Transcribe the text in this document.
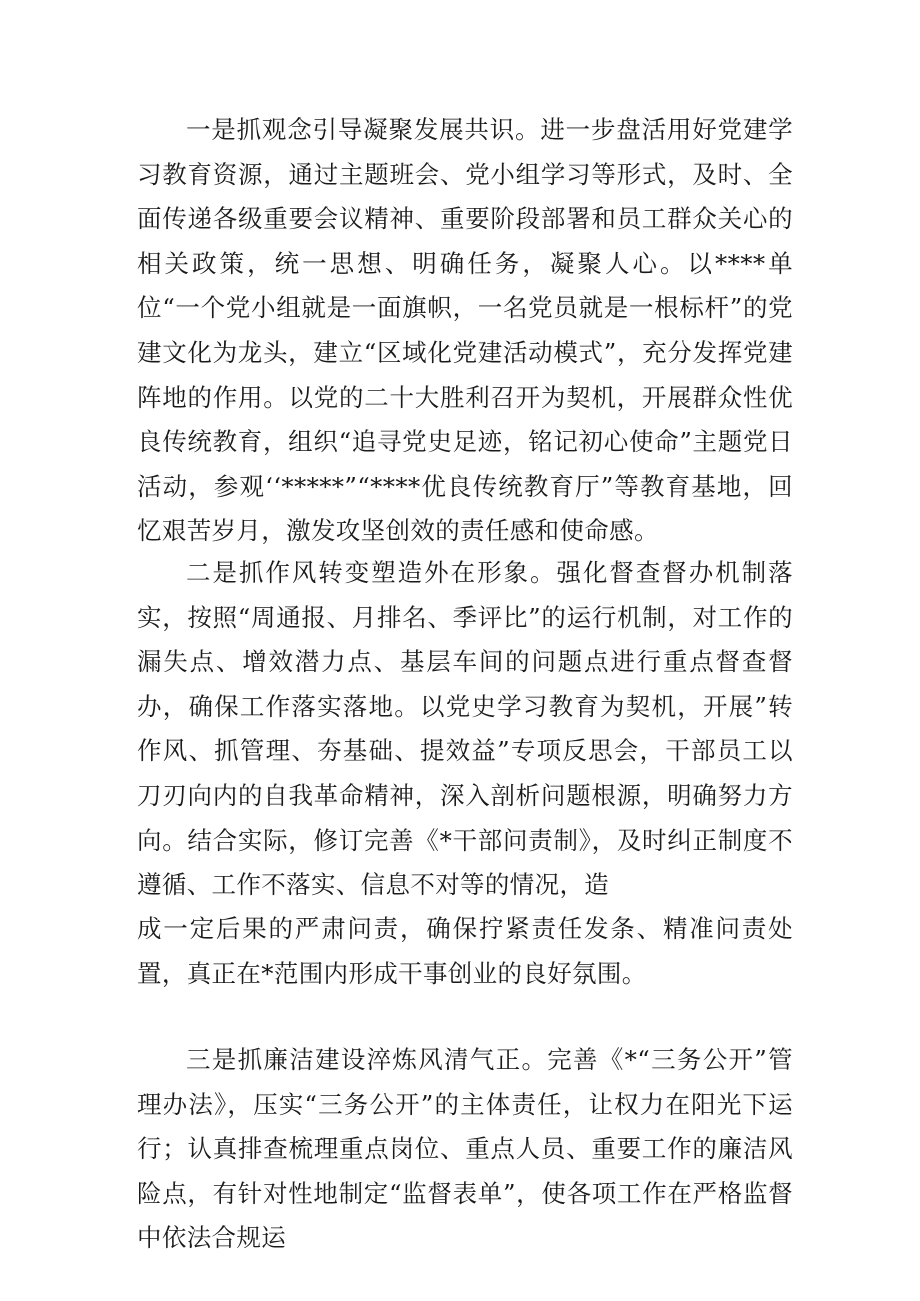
一是抓观念引导凝聚发展共识。进一步盘活用好党建学习教育资源，通过主题班会、党小组学习等形式，及时、全面传递各级重要会议精神、重要阶段部署和员工群众关心的相关政策，统一思想、明确任务，凝聚人心。以****单位“一个党小组就是一面旗帜，一名党员就是一根标杆”的党建文化为龙头，建立“区域化党建活动模式”，充分发挥党建阵地的作用。以党的二十大胜利召开为契机，开展群众性优良传统教育，组织“追寻党史足迹，铭记初心使命”主题党日活动，参观‘‘*****”“****优良传统教育厅”等教育基地，回忆艰苦岁月，激发攻坚创效的责任感和使命感。

二是抓作风转变塑造外在形象。强化督查督办机制落实，按照“周通报、月排名、季评比”的运行机制，对工作的漏失点、增效潜力点、基层车间的问题点进行重点督查督办，确保工作落实落地。以党史学习教育为契机，开展”转作风、抓管理、夯基础、提效益”专项反思会，干部员工以刀刃向内的自我革命精神，深入剖析问题根源，明确努力方向。结合实际，修订完善《*干部问责制》，及时纠正制度不遵循、工作不落实、信息不对等的情况，造

成一定后果的严肃问责，确保拧紧责任发条、精准问责处置，真正在*范围内形成干事创业的良好氛围。

三是抓廉洁建设淬炼风清气正。完善《*“三务公开”管理办法》，压实“三务公开”的主体责任，让权力在阳光下运行；认真排查梳理重点岗位、重点人员、重要工作的廉洁风险点，有针对性地制定“监督表单”，使各项工作在严格监督中依法合规运
